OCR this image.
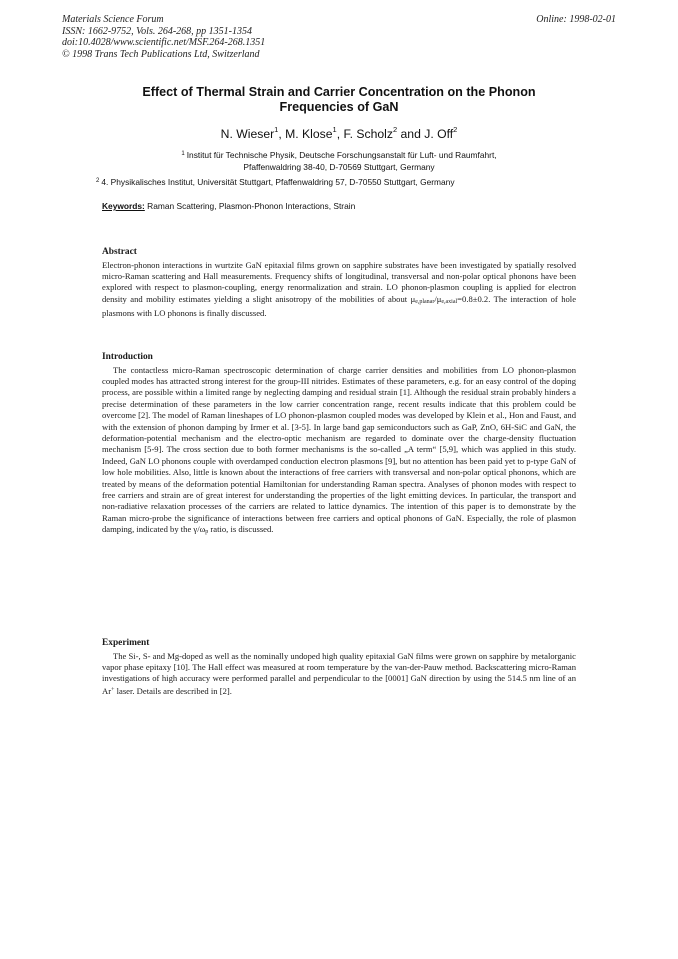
Materials Science Forum
ISSN: 1662-9752, Vols. 264-268, pp 1351-1354
doi:10.4028/www.scientific.net/MSF.264-268.1351
© 1998 Trans Tech Publications Ltd, Switzerland
Online: 1998-02-01
Effect of Thermal Strain and Carrier Concentration on the Phonon
Frequencies of GaN
N. Wieser$^1$, M. Klose$^1$, F. Scholz$^2$ and J. Off$^2$
$^1$ Institut für Technische Physik, Deutsche Forschungsanstalt für Luft- und Raumfahrt,
Pfaffenwaldring 38-40, D-70569 Stuttgart, Germany
$^2$ 4. Physikalisches Institut, Universität Stuttgart, Pfaffenwaldring 57, D-70550 Stuttgart, Germany
Keywords: Raman Scattering, Plasmon-Phonon Interactions, Strain
Abstract

Electron-phonon interactions in wurtzite GaN epitaxial films grown on sapphire substrates have been investigated by spatially resolved micro-Raman scattering and Hall measurements. Frequency shifts of longitudinal, transversal and non-polar optical phonons have been explored with respect to plasmon-coupling, energy renormalization and strain. LO phonon-plasmon coupling is applied for electron density and mobility estimates yielding a slight anisotropy of the mobilities of about μe,planar/μe,axial=0.8±0.2. The interaction of hole plasmons with LO phonons is finally discussed.

Introduction

The contactless micro-Raman spectroscopic determination of charge carrier densities and mobilities from LO phonon-plasmon coupled modes has attracted strong interest for the group-III nitrides. Estimates of these parameters, e.g. for an easy control of the doping process, are possible within a limited range by neglecting damping and residual strain [1]. Although the residual strain probably hinders a precise determination of these parameters in the low carrier concentration range, recent results indicate that this problem could be overcome [2]. The model of Raman lineshapes of LO phonon-plasmon coupled modes was developed by Klein et al., Hon and Faust, and with the extension of phonon damping by Irmer et al. [3-5]. In large band gap semiconductors such as GaP, ZnO, 6H-SiC and GaN, the deformation-potential mechanism and the electro-optic mechanism are regarded to dominate over the charge-density fluctuation mechanism [5-9]. The cross section due to both former mechanisms is the so-called „A term“ [5,9], which was applied in this study. Indeed, GaN LO phonons couple with overdamped conduction electron plasmons [9], but no attention has been paid yet to p-type GaN of low hole mobilities. Also, little is known about the interactions of free carriers with transversal and non-polar optical phonons, which are treated by means of the deformation potential Hamiltonian for understanding Raman spectra. Analyses of phonon modes with respect to free carriers and strain are of great interest for understanding the properties of the light emitting devices. In particular, the transport and non-radiative relaxation processes of the carriers are related to lattice dynamics. The intention of this paper is to demonstrate by the Raman micro-probe the significance of interactions between free carriers and optical phonons of GaN. Especially, the role of plasmon damping, indicated by the γ/ωp ratio, is discussed.

Experiment

The Si-, S- and Mg-doped as well as the nominally undoped high quality epitaxial GaN films were grown on sapphire by metalorganic vapor phase epitaxy [10]. The Hall effect was measured at room temperature by the van-der-Pauw method. Backscattering micro-Raman investigations of high accuracy were performed parallel and perpendicular to the [0001] GaN direction by using the 514.5 nm line of an Ar+ laser. Details are described in [2].
